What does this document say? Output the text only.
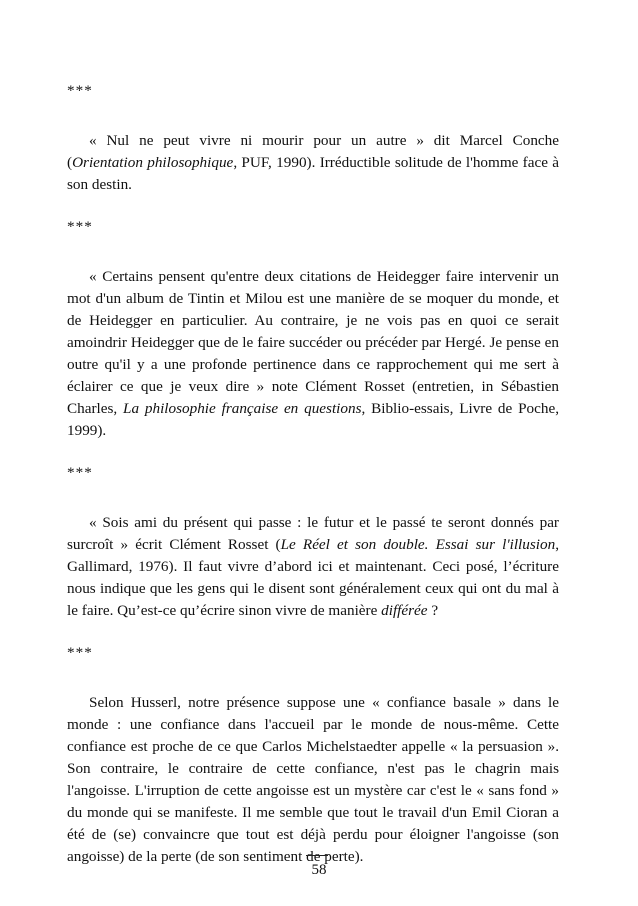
***

« Nul ne peut vivre ni mourir pour un autre » dit Marcel Conche (Orientation philosophique, PUF, 1990). Irréductible solitude de l'homme face à son destin.

***

« Certains pensent qu'entre deux citations de Heidegger faire intervenir un mot d'un album de Tintin et Milou est une manière de se moquer du monde, et de Heidegger en particulier. Au contraire, je ne vois pas en quoi ce serait amoindrir Heidegger que de le faire succéder ou précéder par Hergé. Je pense en outre qu'il y a une profonde pertinence dans ce rapprochement qui me sert à éclairer ce que je veux dire » note Clément Rosset (entretien, in Sébastien Charles, La philosophie française en questions, Biblio-essais, Livre de Poche, 1999).

***

« Sois ami du présent qui passe : le futur et le passé te seront donnés par surcroît » écrit Clément Rosset (Le Réel et son double. Essai sur l'illusion, Gallimard, 1976). Il faut vivre d’abord ici et maintenant. Ceci posé, l’écriture nous indique que les gens qui le disent sont généralement ceux qui ont du mal à le faire. Qu’est-ce qu’écrire sinon vivre de manière différée ?

***

Selon Husserl, notre présence suppose une « confiance basale » dans le monde : une confiance dans l'accueil par le monde de nous-même. Cette confiance est proche de ce que Carlos Michelstaedter appelle « la persuasion ». Son contraire, le contraire de cette confiance, n'est pas le chagrin mais l'angoisse. L'irruption de cette angoisse est un mystère car c'est le « sans fond » du monde qui se manifeste. Il me semble que tout le travail d'un Emil Cioran a été de (se) convaincre que tout est déjà perdu pour éloigner l'angoisse (son angoisse) de la perte (de son sentiment de perte).

58
